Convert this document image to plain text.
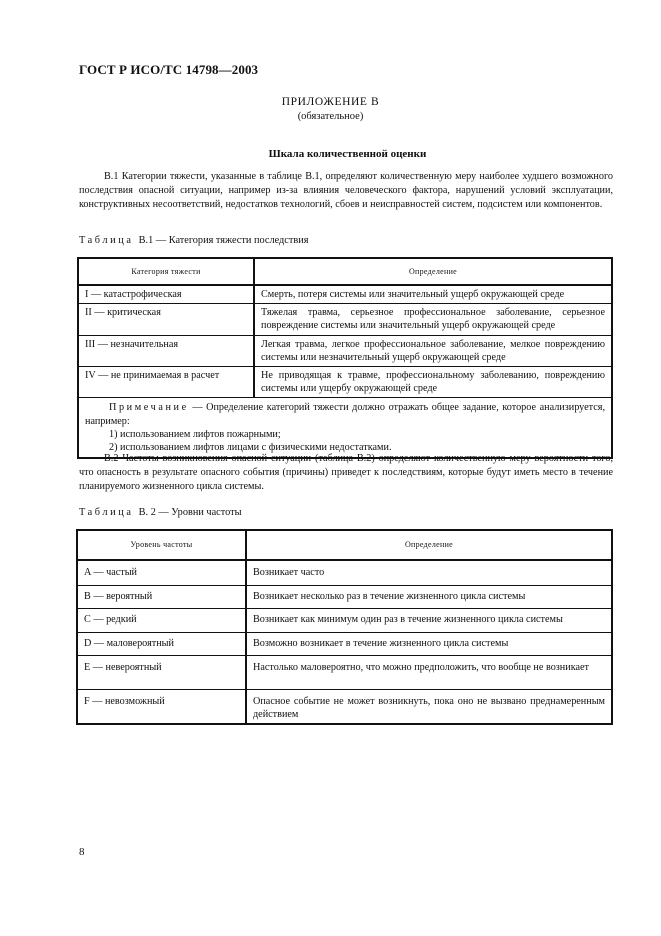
ГОСТ Р ИСО/ТС 14798—2003
ПРИЛОЖЕНИЕ В
(обязательное)
Шкала количественной оценки
В.1 Категории тяжести, указанные в таблице В.1, определяют количественную меру наиболее худшего возможного последствия опасной ситуации, например из-за влияния человеческого фактора, нарушений условий эксплуатации, конструктивных несоответствий, недостатков технологий, сбоев и неисправностей систем, подсистем или компонентов.
Таблица В.1 — Категория тяжести последствия
Категория тяжести	Определение
I — катастрофическая	Смерть, потеря системы или значительный ущерб окружающей среде
II — критическая	Тяжелая травма, серьезное профессиональное заболевание, серьезное повреждение системы или значительный ущерб окружающей среде
III — незначительная	Легкая травма, легкое профессиональное заболевание, мелкое повреждению системы или незначительный ущерб окружающей среде
IV — не принимаемая в расчет	Не приводящая к травме, профессиональному заболеванию, повреждению системы или ущербу окружающей среде

Примечание — Определение категорий тяжести должно отражать общее задание, которое анализируется, например:
1) использованием лифтов пожарными;
2) использованием лифтов лицами с физическими недостатками.	
В.2 Частоты возникновения опасной ситуации (таблица В.2) определяют количественную меру вероятности того, что опасность в результате опасного события (причины) приведет к последствиям, которые будут иметь место в течение планируемого жизненного цикла системы.
Таблица В. 2 — Уровни частоты
Уровень частоты	Определение
A — частый	Возникает часто
B — вероятный	Возникает несколько раз в течение жизненного цикла системы
C — редкий	Возникает как минимум один раз в течение жизненного цикла системы
D — маловероятный	Возможно возникает в течение жизненного цикла системы
E — невероятный	Настолько маловероятно, что можно предположить, что вообще не возникает
F — невозможный	Опасное событие не может возникнуть, пока оно не вызвано преднамеренным действием
8
